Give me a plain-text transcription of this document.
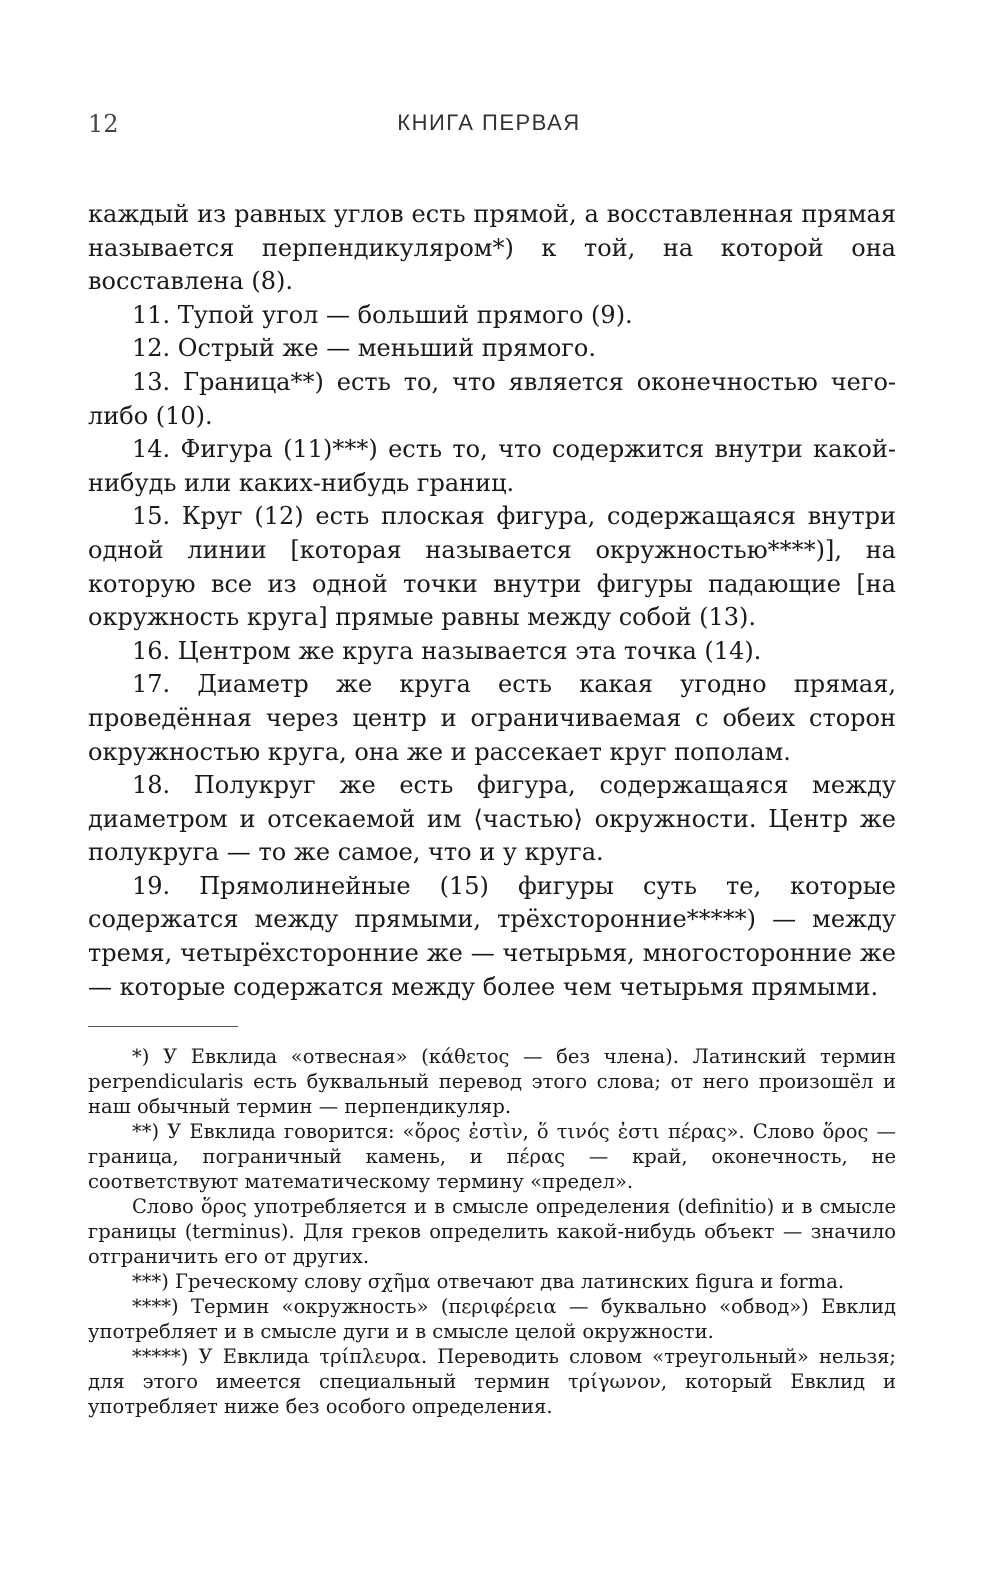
12	КНИГА ПЕРВАЯ

каждый из равных углов есть прямой, а восставленная прямая называется перпендикуляром*) к той, на которой она восставлена (8).

11. Тупой угол — больший прямого (9).

12. Острый же — меньший прямого.

13. Граница**) есть то, что является оконечностью чего-либо (10).

14. Фигура (11)***) есть то, что содержится внутри какой-нибудь или каких-нибудь границ.

15. Круг (12) есть плоская фигура, содержащаяся внутри одной линии [которая называется окружностью****)], на которую все из одной точки внутри фигуры падающие [на окружность круга] прямые равны между собой (13).

16. Центром же круга называется эта точка (14).

17. Диаметр же круга есть какая угодно прямая, проведённая через центр и ограничиваемая с обеих сторон окружностью круга, она же и рассекает круг пополам.

18. Полукруг же есть фигура, содержащаяся между диаметром и отсекаемой им ⟨частью⟩ окружности. Центр же полукруга — то же самое, что и у круга.

19. Прямолинейные (15) фигуры суть те, которые содержатся между прямыми, трёхсторонние*****) — между тремя, четырёхсторонние же — четырьмя, многосторонние же — которые содержатся между более чем четырьмя прямыми.

*) У Евклида «отвесная» (κάθετος — без члена). Латинский термин perpendicularis есть буквальный перевод этого слова; от него произошёл и наш обычный термин — перпендикуляр.

**) У Евклида говорится: «ὅρος ἐστὶν, ὅ τινός ἐστι πέρας». Слово ὅρος — граница, пограничный камень, и πέρας — край, оконечность, не соответствуют математическому термину «предел».

Слово ὅρος употребляется и в смысле определения (definitio) и в смысле границы (terminus). Для греков определить какой-нибудь объект — значило отграничить его от других.

***) Греческому слову σχῆμα отвечают два латинских figura и forma.

****) Термин «окружность» (περιφέρεια — буквально «обвод») Евклид употребляет и в смысле дуги и в смысле целой окружности.

*****) У Евклида τρίπλευρα. Переводить словом «треугольный» нельзя; для этого имеется специальный термин τρίγωνον, который Евклид и употребляет ниже без особого определения.
